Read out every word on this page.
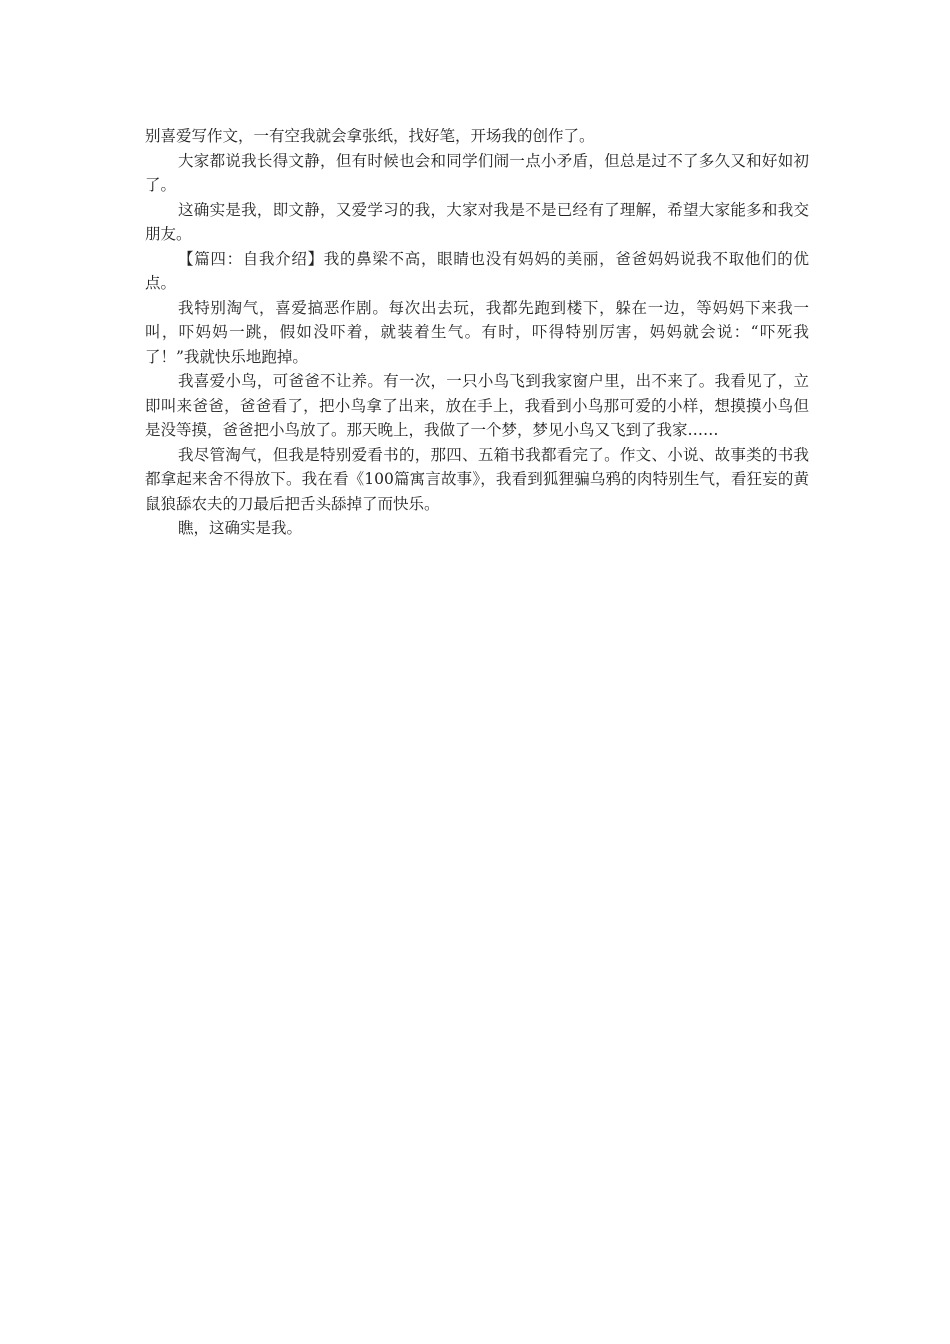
别喜爱写作文，一有空我就会拿张纸，找好笔，开场我的创作了。

大家都说我长得文静，但有时候也会和同学们闹一点小矛盾，但总是过不了多久又和好如初了。

这确实是我，即文静，又爱学习的我，大家对我是不是已经有了理解，希望大家能多和我交朋友。

【篇四：自我介绍】我的鼻梁不高，眼睛也没有妈妈的美丽，爸爸妈妈说我不取他们的优点。

我特别淘气，喜爱搞恶作剧。每次出去玩，我都先跑到楼下，躲在一边，等妈妈下来我一叫，吓妈妈一跳，假如没吓着，就装着生气。有时，吓得特别厉害，妈妈就会说：“吓死我了！”我就快乐地跑掉。

我喜爱小鸟，可爸爸不让养。有一次，一只小鸟飞到我家窗户里，出不来了。我看见了，立即叫来爸爸，爸爸看了，把小鸟拿了出来，放在手上，我看到小鸟那可爱的小样，想摸摸小鸟但是没等摸，爸爸把小鸟放了。那天晚上，我做了一个梦，梦见小鸟又飞到了我家……

我尽管淘气，但我是特别爱看书的，那四、五箱书我都看完了。作文、小说、故事类的书我都拿起来舍不得放下。我在看《100篇寓言故事》，我看到狐狸骗乌鸦的肉特别生气，看狂妄的黄鼠狼舔农夫的刀最后把舌头舔掉了而快乐。

瞧，这确实是我。
